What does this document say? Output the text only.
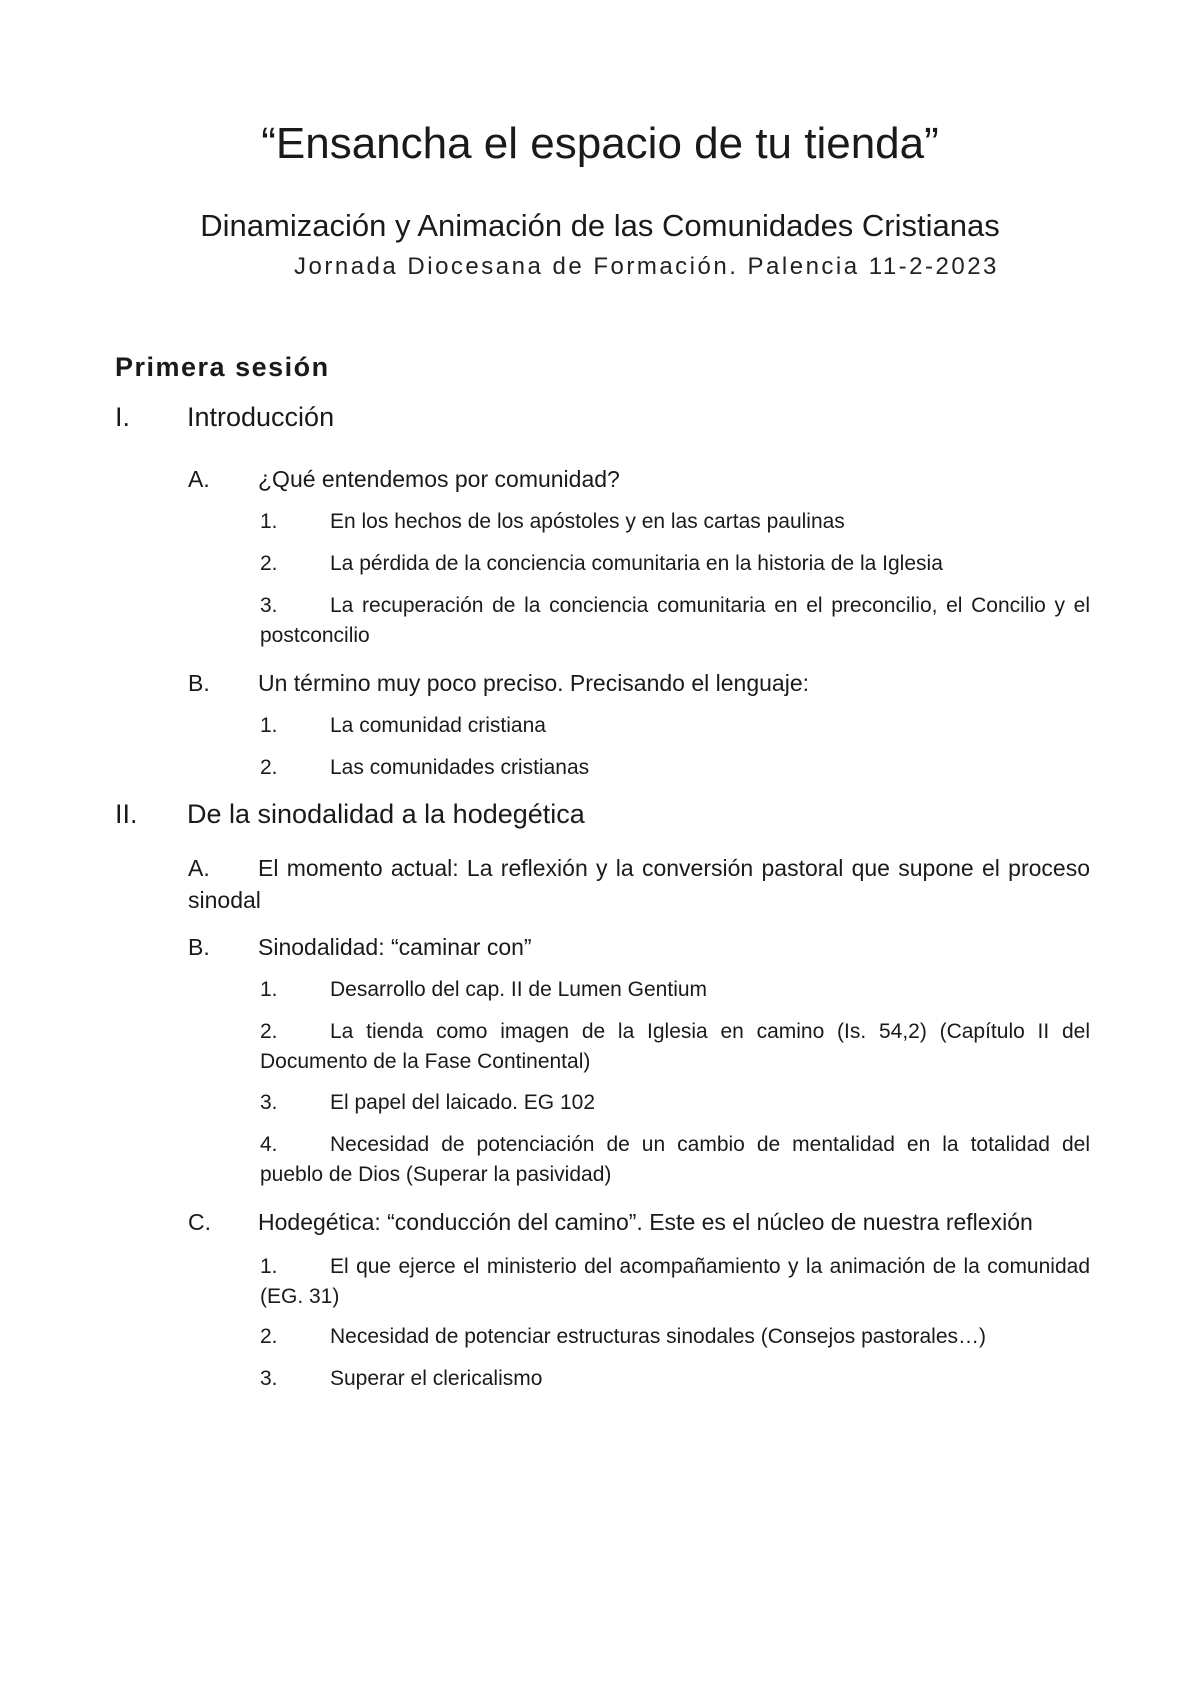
“Ensancha el espacio de tu tienda”
Dinamización y Animación de las Comunidades Cristianas
Jornada Diocesana de Formación. Palencia 11-2-2023
Primera sesión
I. Introducción
A. ¿Qué entendemos por comunidad?
1. En los hechos de los apóstoles y en las cartas paulinas
2. La pérdida de la conciencia comunitaria en la historia de la Iglesia
3. La recuperación de la conciencia comunitaria en el preconcilio, el Concilio y el postconcilio
B. Un término muy poco preciso. Precisando el lenguaje:
1. La comunidad cristiana
2. Las comunidades cristianas
II. De la sinodalidad a la hodegética
A. El momento actual: La reflexión y la conversión pastoral que supone el proceso sinodal
B. Sinodalidad: “caminar con”
1. Desarrollo del cap. II de Lumen Gentium
2. La tienda como imagen de la Iglesia en camino (Is. 54,2) (Capítulo II del Documento de la Fase Continental)
3. El papel del laicado. EG 102
4. Necesidad de potenciación de un cambio de mentalidad en la totalidad del pueblo de Dios (Superar la pasividad)
C. Hodegética: “conducción del camino”. Este es el núcleo de nuestra reflexión
1. El que ejerce el ministerio del acompañamiento y la animación de la comunidad (EG. 31)
2. Necesidad de potenciar estructuras sinodales (Consejos pastorales…)
3. Superar el clericalismo
